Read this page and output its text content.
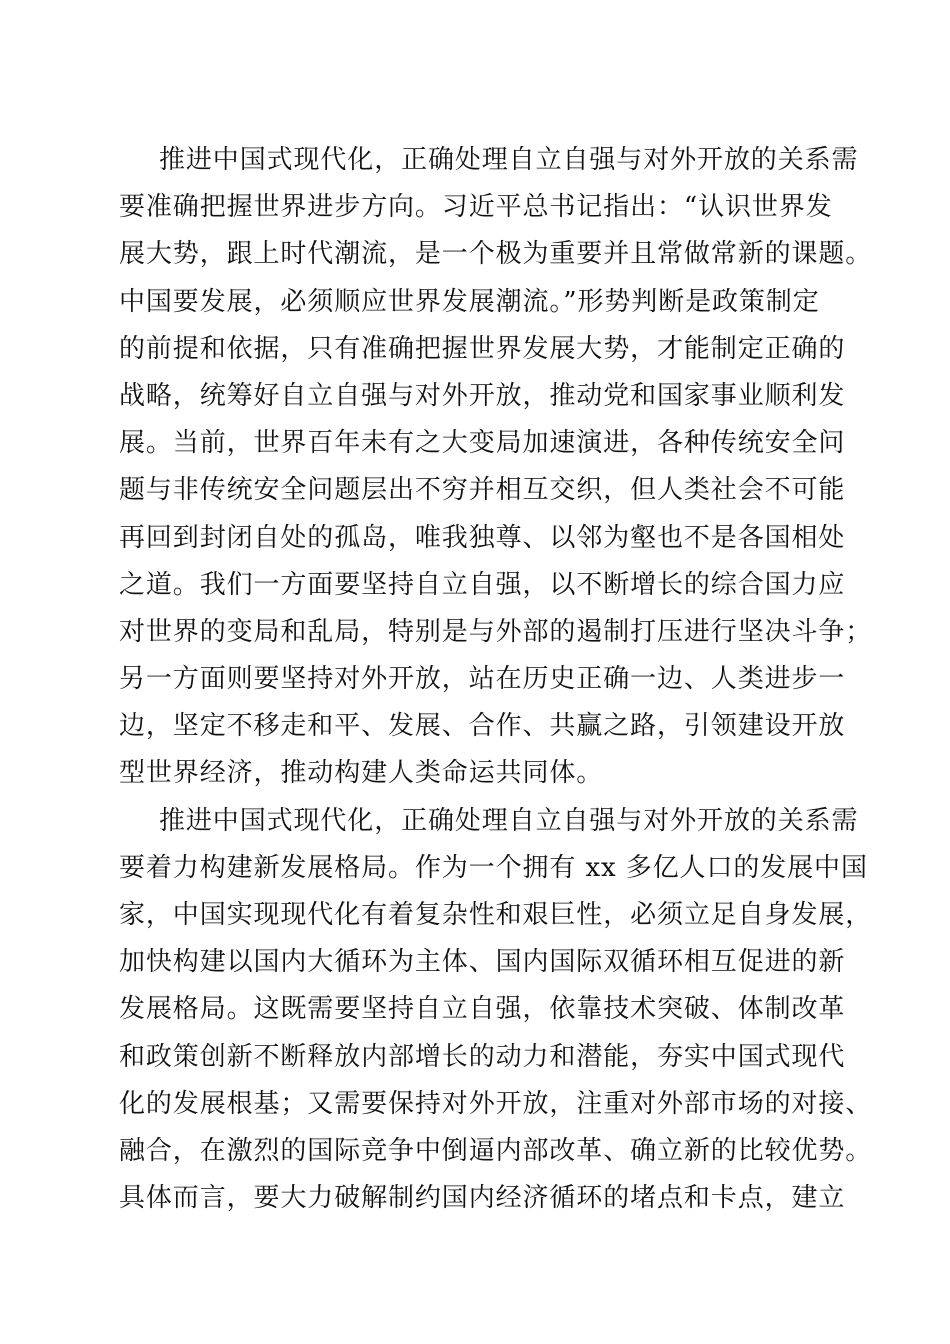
推进中国式现代化，正确处理自立自强与对外开放的关系需
要准确把握世界进步方向。习近平总书记指出：“认识世界发
展大势，跟上时代潮流，是一个极为重要并且常做常新的课题。
中国要发展，必须顺应世界发展潮流。”形势判断是政策制定
的前提和依据，只有准确把握世界发展大势，才能制定正确的
战略，统筹好自立自强与对外开放，推动党和国家事业顺利发
展。当前，世界百年未有之大变局加速演进，各种传统安全问
题与非传统安全问题层出不穷并相互交织，但人类社会不可能
再回到封闭自处的孤岛，唯我独尊、以邻为壑也不是各国相处
之道。我们一方面要坚持自立自强，以不断增长的综合国力应
对世界的变局和乱局，特别是与外部的遏制打压进行坚决斗争；
另一方面则要坚持对外开放，站在历史正确一边、人类进步一
边，坚定不移走和平、发展、合作、共赢之路，引领建设开放
型世界经济，推动构建人类命运共同体。
推进中国式现代化，正确处理自立自强与对外开放的关系需
要着力构建新发展格局。作为一个拥有 xx 多亿人口的发展中国
家，中国实现现代化有着复杂性和艰巨性，必须立足自身发展，
加快构建以国内大循环为主体、国内国际双循环相互促进的新
发展格局。这既需要坚持自立自强，依靠技术突破、体制改革
和政策创新不断释放内部增长的动力和潜能，夯实中国式现代
化的发展根基；又需要保持对外开放，注重对外部市场的对接、
融合，在激烈的国际竞争中倒逼内部改革、确立新的比较优势。
具体而言，要大力破解制约国内经济循环的堵点和卡点，建立
